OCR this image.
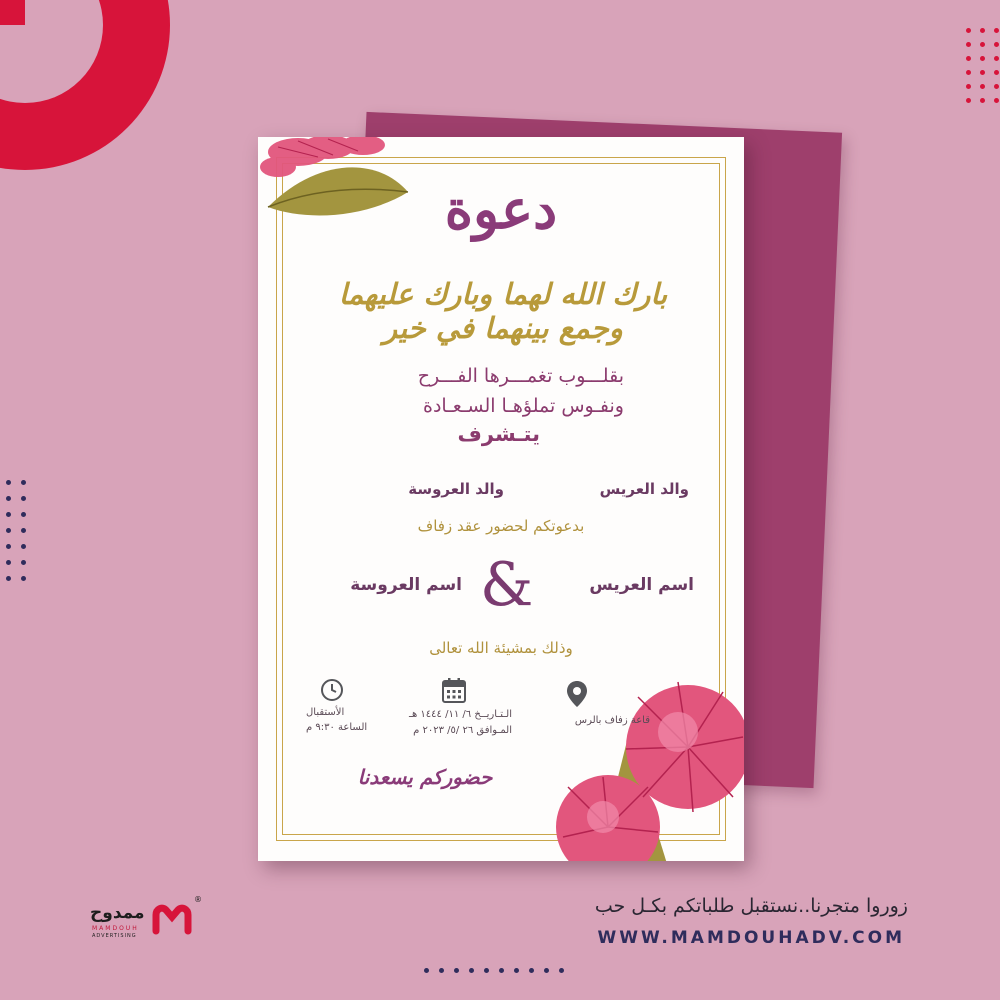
دعوة
بارك الله لهما وبارك عليهما وجمع بينهما في خير
بقلـــوب تغمـــرها الفـــرح
ونفـوس تملؤهـا السـعـادة
يتـشرف
والد العريس
والد العروسة
بدعوتكم لحضور عقد زفاف
اسم العريس
&
اسم العروسة
وذلك بمشيئة الله تعالى
قاعة زفاف بالرس
الـتـاريــخ ٦/ ١١/ ١٤٤٤ هـ
المـوافق ٢٦ /٥/ ٢٠٢٣ م
الأستقبال
الساعة ٩:٣٠ م
حضوركم يسعدنا
زوروا متجرنا..نستقبل طلباتكم بكـل حب
WWW.MAMDOUHADV.COM
ممدوح
MAMDOUH
ADVERTISING
®
